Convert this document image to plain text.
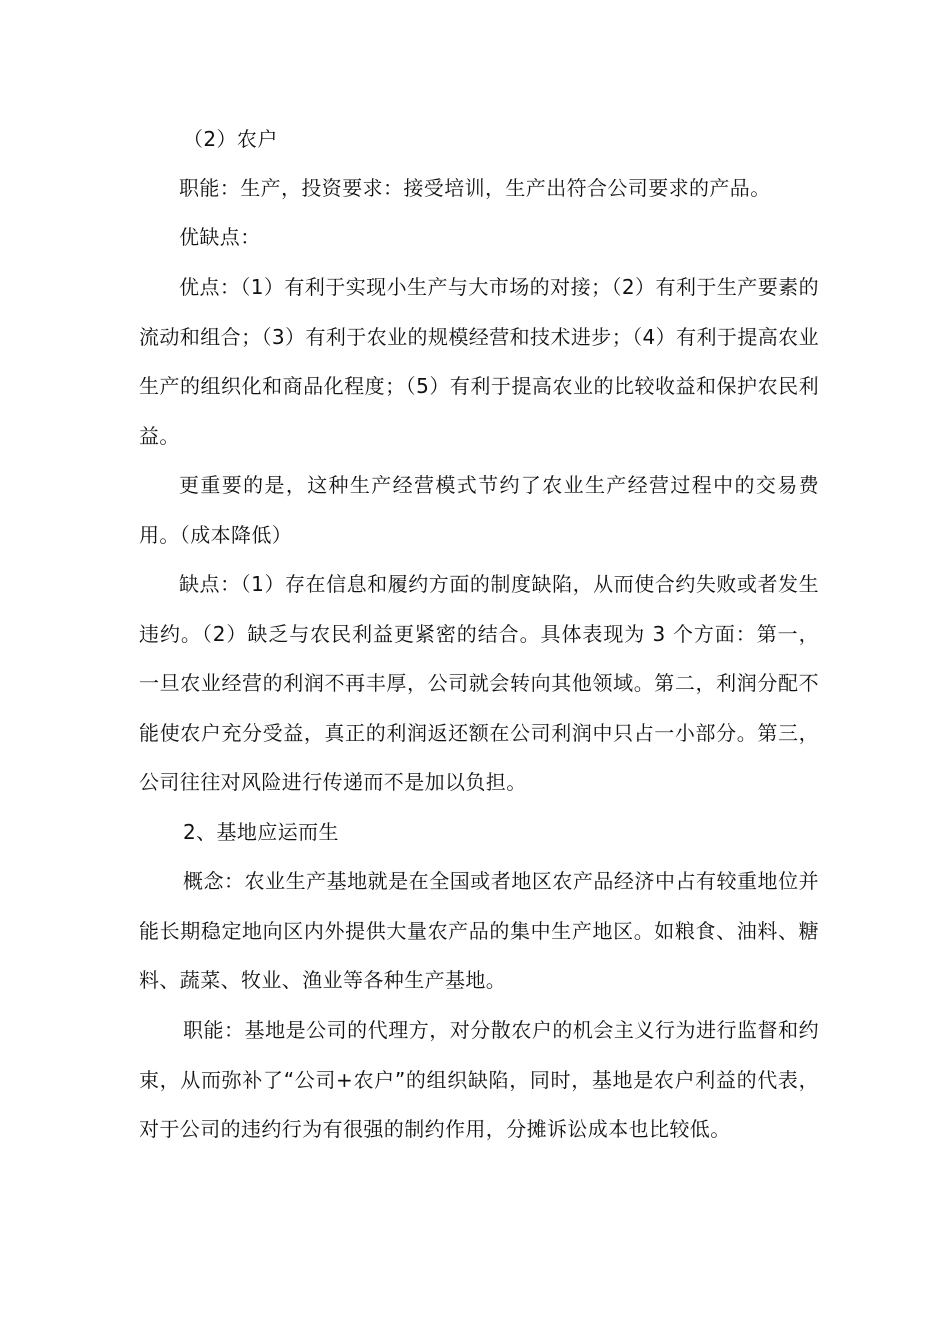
（2）农户

职能：生产，投资要求：接受培训，生产出符合公司要求的产品。

优缺点：

优点：（1）有利于实现小生产与大市场的对接；（2）有利于生产要素的流动和组合；（3）有利于农业的规模经营和技术进步；（4）有利于提高农业生产的组织化和商品化程度；（5）有利于提高农业的比较收益和保护农民利益。

更重要的是，这种生产经营模式节约了农业生产经营过程中的交易费用。（成本降低）

缺点：（1）存在信息和履约方面的制度缺陷，从而使合约失败或者发生违约。（2）缺乏与农民利益更紧密的结合。具体表现为 3 个方面：第一，一旦农业经营的利润不再丰厚，公司就会转向其他领域。第二，利润分配不能使农户充分受益，真正的利润返还额在公司利润中只占一小部分。第三，公司往往对风险进行传递而不是加以负担。

2、基地应运而生

概念：农业生产基地就是在全国或者地区农产品经济中占有较重地位并能长期稳定地向区内外提供大量农产品的集中生产地区。如粮食、油料、糖料、蔬菜、牧业、渔业等各种生产基地。

职能：基地是公司的代理方，对分散农户的机会主义行为进行监督和约束，从而弥补了“公司+农户”的组织缺陷，同时，基地是农户利益的代表，对于公司的违约行为有很强的制约作用，分摊诉讼成本也比较低。
